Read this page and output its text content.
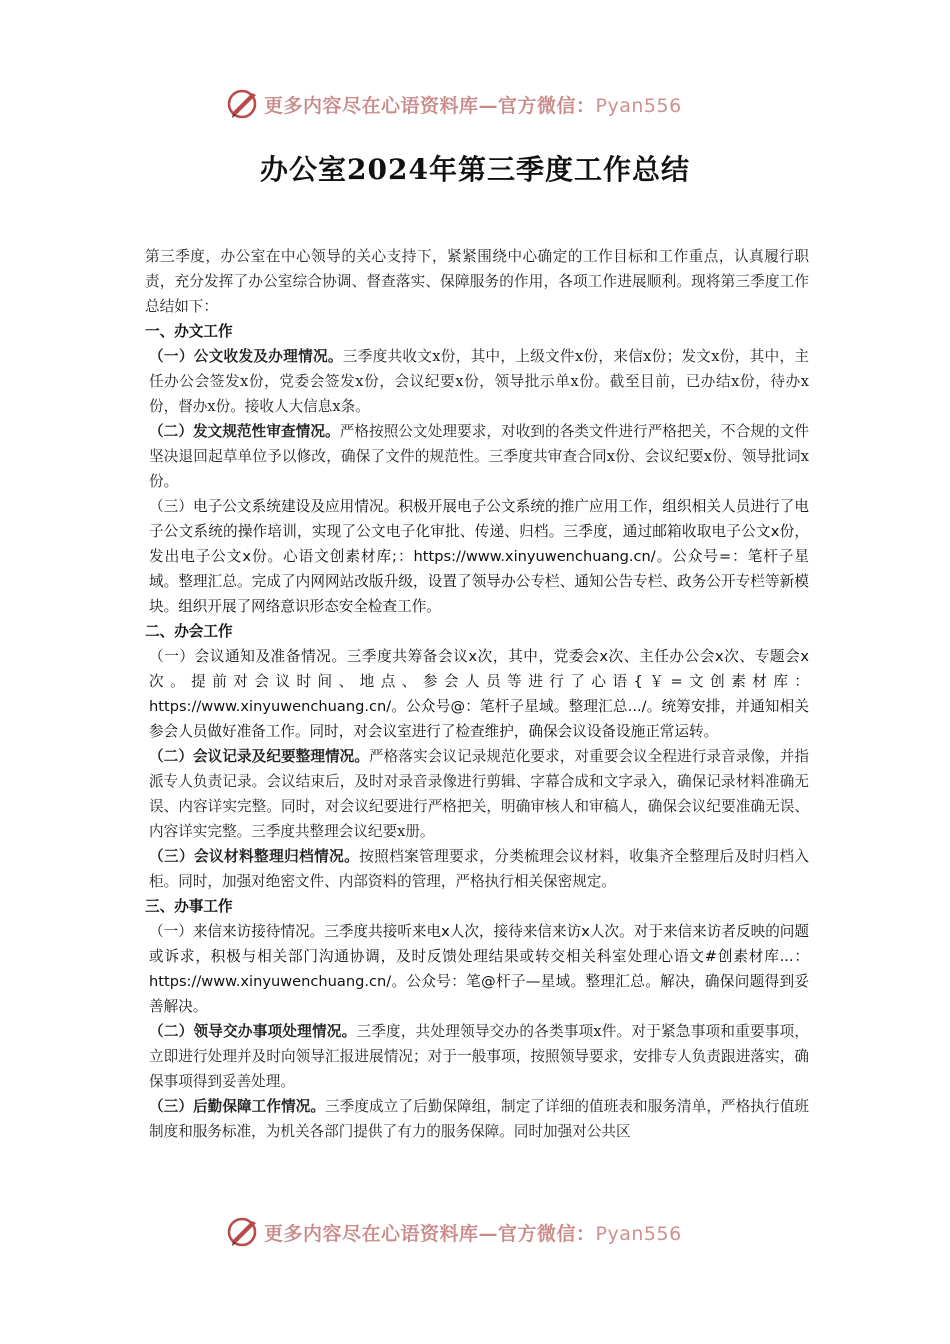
更多内容尽在心语资料库—官方微信：Pyan556
办公室2024年第三季度工作总结

第三季度，办公室在中心领导的关心支持下，紧紧围绕中心确定的工作目标和工作重点，认真履行职责，充分发挥了办公室综合协调、督查落实、保障服务的作用，各项工作进展顺利。现将第三季度工作总结如下：

一、办文工作

（一）公文收发及办理情况。三季度共收文x份，其中，上级文件x份，来信x份；发文x份，其中，主任办公会签发x份，党委会签发x份，会议纪要x份，领导批示单x份。截至目前，已办结x份，待办x份，督办x份。接收人大信息x条。

（二）发文规范性审查情况。严格按照公文处理要求，对收到的各类文件进行严格把关，不合规的文件坚决退回起草单位予以修改，确保了文件的规范性。三季度共审查合同x份、会议纪要x份、领导批词x份。

（三）电子公文系统建设及应用情况。积极开展电子公文系统的推广应用工作，组织相关人员进行了电子公文系统的操作培训，实现了公文电子化审批、传递、归档。三季度，通过邮箱收取电子公文x份，发出电子公文x份。心语文创素材库;：https://www.xinyuwenchuang.cn/。公众号=：笔杆子星域。整理汇总。完成了内网网站改版升级，设置了领导办公专栏、通知公告专栏、政务公开专栏等新模块。组织开展了网络意识形态安全检查工作。

二、办会工作

（一）会议通知及准备情况。三季度共筹备会议x次，其中，党委会x次、主任办公会x次、专题会x次。提前对会议时间、地点、参会人员等进行了心语{￥=文创素材库：https://www.xinyuwenchuang.cn/。公众号@：笔杆子星域。整理汇总.../。统筹安排，并通知相关参会人员做好准备工作。同时，对会议室进行了检查维护，确保会议设备设施正常运转。

（二）会议记录及纪要整理情况。严格落实会议记录规范化要求，对重要会议全程进行录音录像，并指派专人负责记录。会议结束后，及时对录音录像进行剪辑、字幕合成和文字录入，确保记录材料准确无误、内容详实完整。同时，对会议纪要进行严格把关，明确审核人和审稿人，确保会议纪要准确无误、内容详实完整。三季度共整理会议纪要x册。

（三）会议材料整理归档情况。按照档案管理要求，分类梳理会议材料，收集齐全整理后及时归档入柜。同时，加强对绝密文件、内部资料的管理，严格执行相关保密规定。

三、办事工作

（一）来信来访接待情况。三季度共接听来电x人次，接待来信来访x人次。对于来信来访者反映的问题或诉求，积极与相关部门沟通协调，及时反馈处理结果或转交相关科室处理心语文#创素材库...：https://www.xinyuwenchuang.cn/。公众号：笔@杆子—星域。整理汇总。解决，确保问题得到妥善解决。

（二）领导交办事项处理情况。三季度，共处理领导交办的各类事项x件。对于紧急事项和重要事项，立即进行处理并及时向领导汇报进展情况；对于一般事项，按照领导要求，安排专人负责跟进落实，确保事项得到妥善处理。

（三）后勤保障工作情况。三季度成立了后勤保障组，制定了详细的值班表和服务清单，严格执行值班制度和服务标准，为机关各部门提供了有力的服务保障。同时加强对公共区

更多内容尽在心语资料库—官方微信：Pyan556
